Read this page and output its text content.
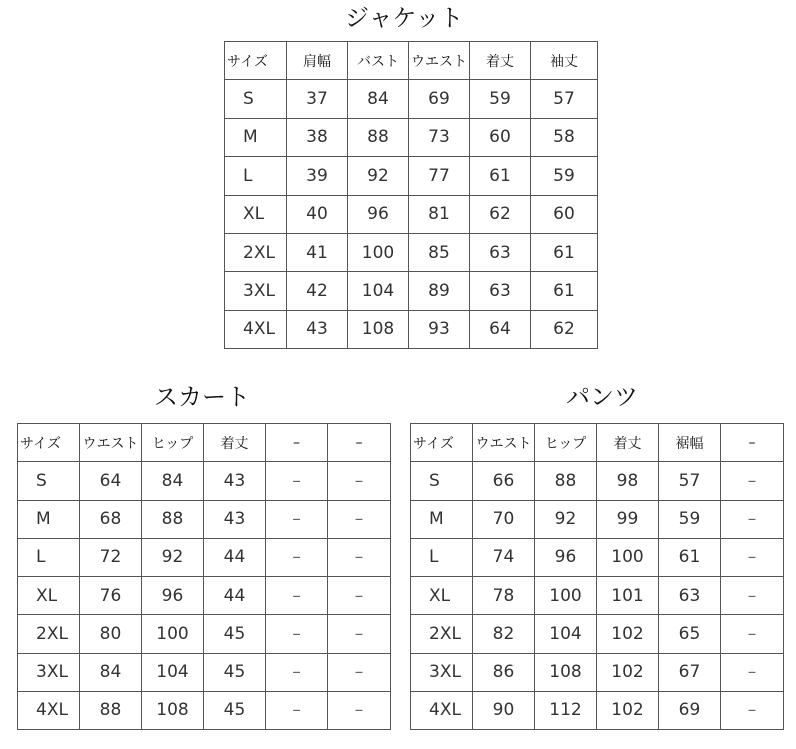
ジャケット
サイズ	肩幅	バスト	ウエスト	着丈	袖丈
S	37	84	69	59	57
M	38	88	73	60	58
L	39	92	77	61	59
XL	40	96	81	62	60
2XL	41	100	85	63	61
3XL	42	104	89	63	61
4XL	43	108	93	64	62
スカート
サイズ	ウエスト	ヒップ	着丈	–	–
S	64	84	43	–	–
M	68	88	43	–	–
L	72	92	44	–	–
XL	76	96	44	–	–
2XL	80	100	45	–	–
3XL	84	104	45	–	–
4XL	88	108	45	–	–
パンツ
サイズ	ウエスト	ヒップ	着丈	裾幅	–
S	66	88	98	57	–
M	70	92	99	59	–
L	74	96	100	61	–
XL	78	100	101	63	–
2XL	82	104	102	65	–
3XL	86	108	102	67	–
4XL	90	112	102	69	–
